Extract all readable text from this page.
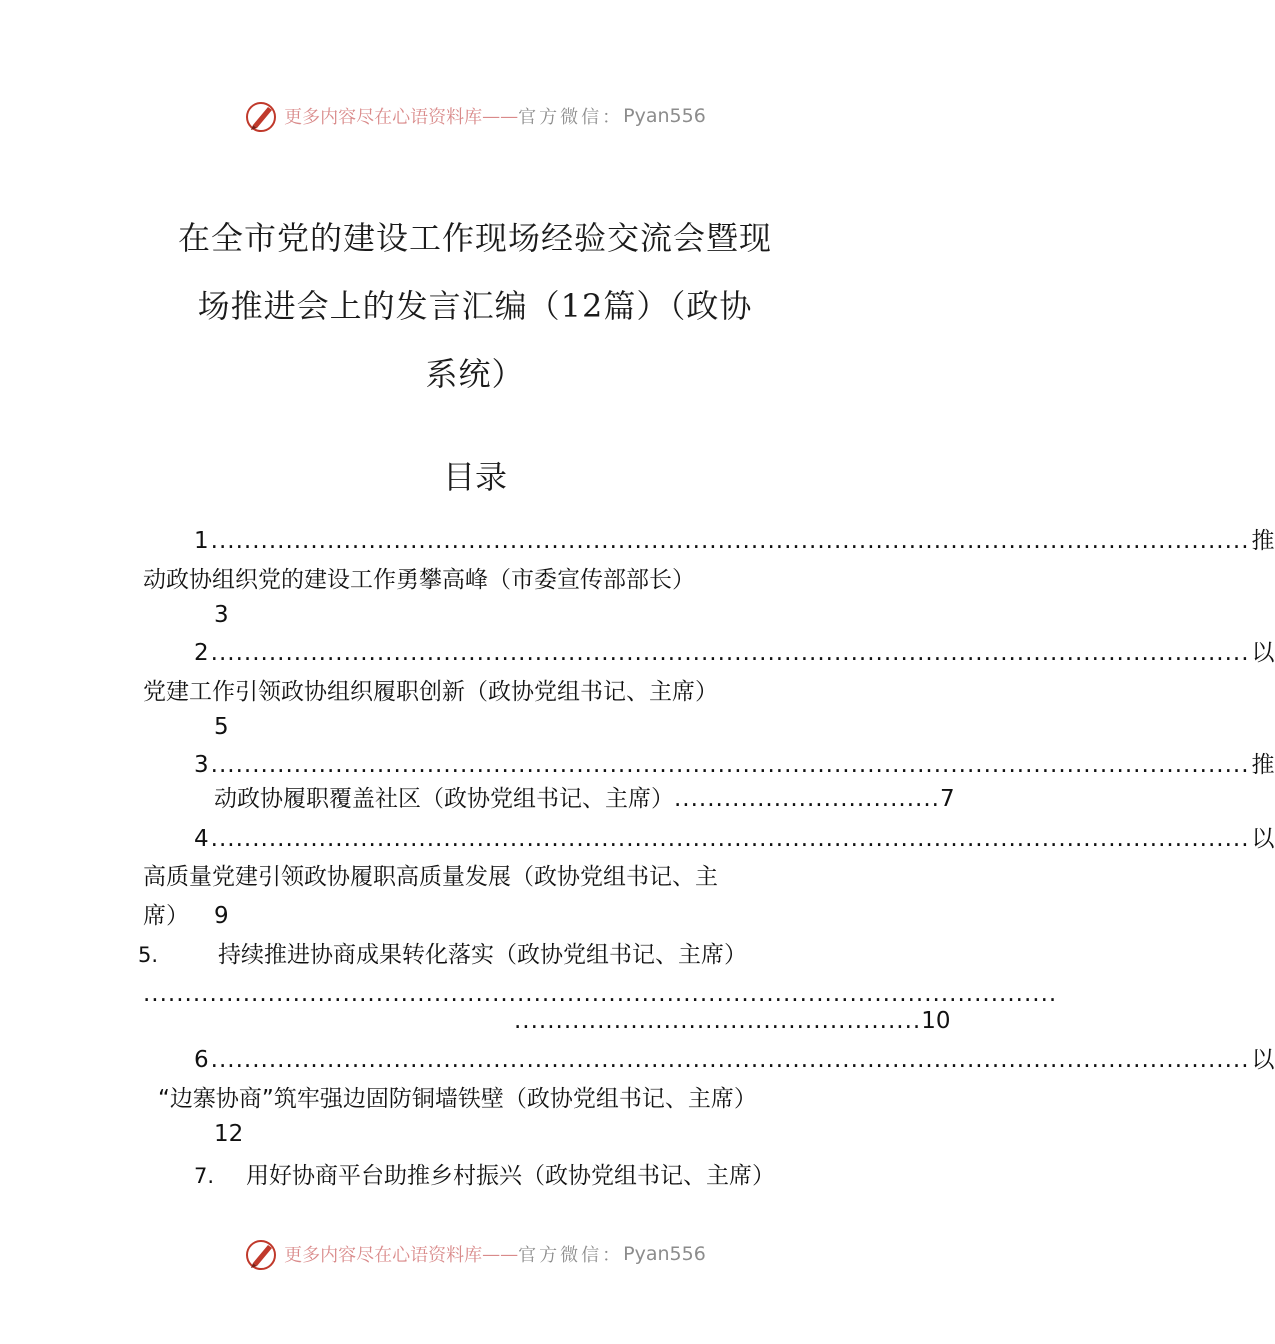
更多内容尽在心语资料库 —— 官方微信： Pyan556
在全市党的建设工作现场经验交流会暨现
场推进会上的发言汇编（12篇）（政协
系统）
目录
1 ............................................................................................................................. 推
动政协组织党的建设工作勇攀高峰（市委宣传部部长）
3
2 ............................................................................................................................. 以
党建工作引领政协组织履职创新（政协党组书记、主席）
5
3 ............................................................................................................................. 推
动政协履职覆盖社区（政协党组书记、主席） ................................ 7
4 ............................................................................................................................. 以
高质量党建引领政协履职高质量发展（政协党组书记、主
席） 9
5.	持续推进协商成果转化落实（政协党组书记、主席）
..............................................................................................................
................................................. 10
6 ............................................................................................................................. 以
“边寨协商”筑牢强边固防铜墙铁壁（政协党组书记、主席）
12
7. 用好协商平台助推乡村振兴（政协党组书记、主席）
更多内容尽在心语资料库 —— 官方微信： Pyan556
